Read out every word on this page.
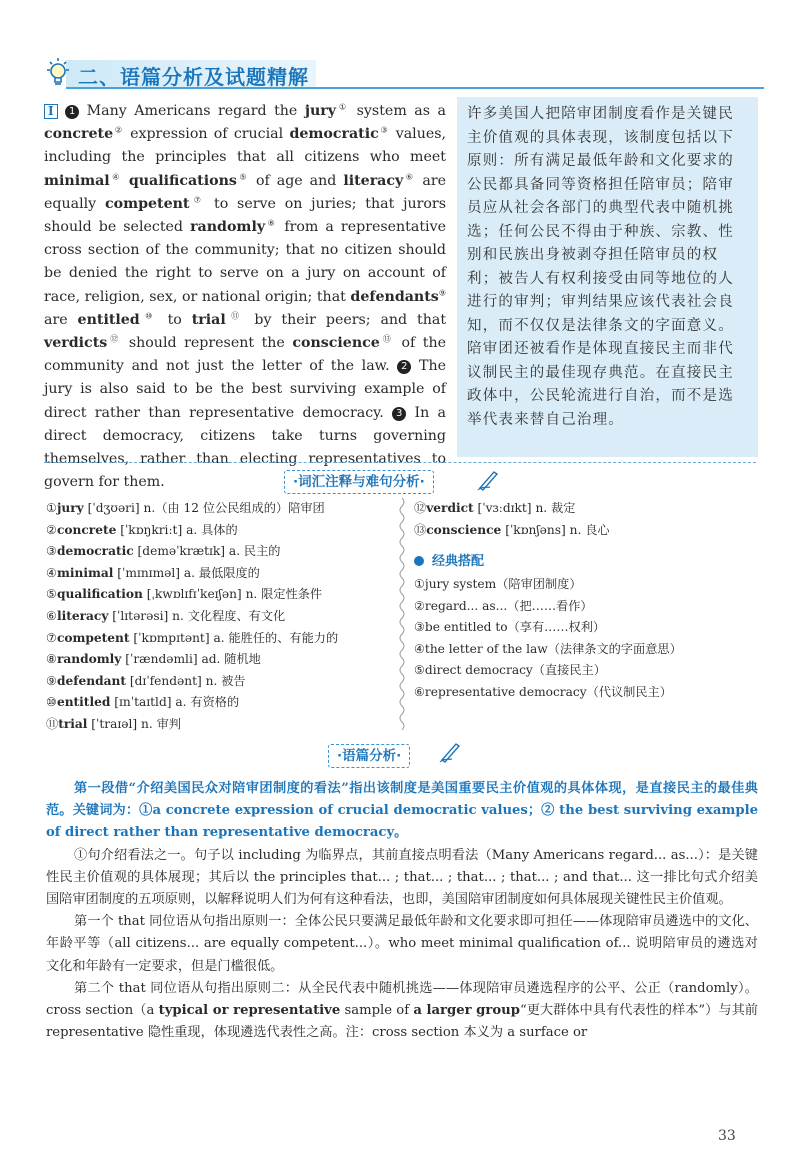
二、语篇分析及试题精解
Ⅰ 1 Many Americans regard the jury① system as a concrete② expression of crucial democratic③ values, including the principles that all citizens who meet minimal④ qualifications⑤ of age and literacy⑥ are equally competent⑦ to serve on juries; that jurors should be selected randomly⑧ from a representative cross section of the community; that no citizen should be denied the right to serve on a jury on account of race, religion, sex, or national origin; that defendants⑨ are entitled⑩ to trial⑪ by their peers; and that verdicts⑫ should represent the conscience⑬ of the community and not just the letter of the law. 2 The jury is also said to be the best surviving example of direct rather than representative democracy. 3 In a direct democracy, citizens take turns governing themselves, rather than electing representatives to govern for them.
许多美国人把陪审团制度看作是关键民主价值观的具体表现，该制度包括以下原则：所有满足最低年龄和文化要求的公民都具备同等资格担任陪审员；陪审员应从社会各部门的典型代表中随机挑选；任何公民不得由于种族、宗教、性别和民族出身被剥夺担任陪审员的权利；被告人有权利接受由同等地位的人进行的审判；审判结果应该代表社会良知，而不仅仅是法律条文的字面意义。陪审团还被看作是体现直接民主而非代议制民主的最佳现存典范。在直接民主政体中，公民轮流进行自治，而不是选举代表来替自己治理。
·词汇注释与难句分析·
①jury [ˈdʒʊəri] n.（由 12 位公民组成的）陪审团
②concrete [ˈkɒŋkriːt] a. 具体的
③democratic [deməˈkrætɪk] a. 民主的
④minimal [ˈmɪnɪməl] a. 最低限度的
⑤qualification [ˌkwɒlɪfɪˈkeɪʃən] n. 限定性条件
⑥literacy [ˈlɪtərəsi] n. 文化程度、有文化
⑦competent [ˈkɒmpɪtənt] a. 能胜任的、有能力的
⑧randomly [ˈrændəmli] ad. 随机地
⑨defendant [dɪˈfendənt] n. 被告
⑩entitled [ɪnˈtaɪtld] a. 有资格的
⑪trial [ˈtraɪəl] n. 审判
⑫verdict [ˈvɜːdɪkt] n. 裁定
⑬conscience [ˈkɒnʃəns] n. 良心
经典搭配
①jury system（陪审团制度）
②regard... as...（把……看作）
③be entitled to（享有……权利）
④the letter of the law（法律条文的字面意思）
⑤direct democracy（直接民主）
⑥representative democracy（代议制民主）
·语篇分析·

第一段借“介绍美国民众对陪审团制度的看法”指出该制度是美国重要民主价值观的具体体现，是直接民主的最佳典范。关键词为：①a concrete expression of crucial democratic values；② the best surviving example of direct rather than representative democracy。

①句介绍看法之一。句子以 including 为临界点，其前直接点明看法（Many Americans regard... as...）：是关键性民主价值观的具体展现；其后以 the principles that... ; that... ; that... ; that... ; and that... 这一排比句式介绍美国陪审团制度的五项原则，以解释说明人们为何有这种看法，也即，美国陪审团制度如何具体展现关键性民主价值观。

第一个 that 同位语从句指出原则一：全体公民只要满足最低年龄和文化要求即可担任——体现陪审员遴选中的文化、年龄平等（all citizens... are equally competent...）。who meet minimal qualification of... 说明陪审员的遴选对文化和年龄有一定要求，但是门槛很低。

第二个 that 同位语从句指出原则二：从全民代表中随机挑选——体现陪审员遴选程序的公平、公正（randomly）。cross section（a typical or representative sample of a larger group“更大群体中具有代表性的样本”）与其前 representative 隐性重现，体现遴选代表性之高。注：cross section 本义为 a surface or

33
